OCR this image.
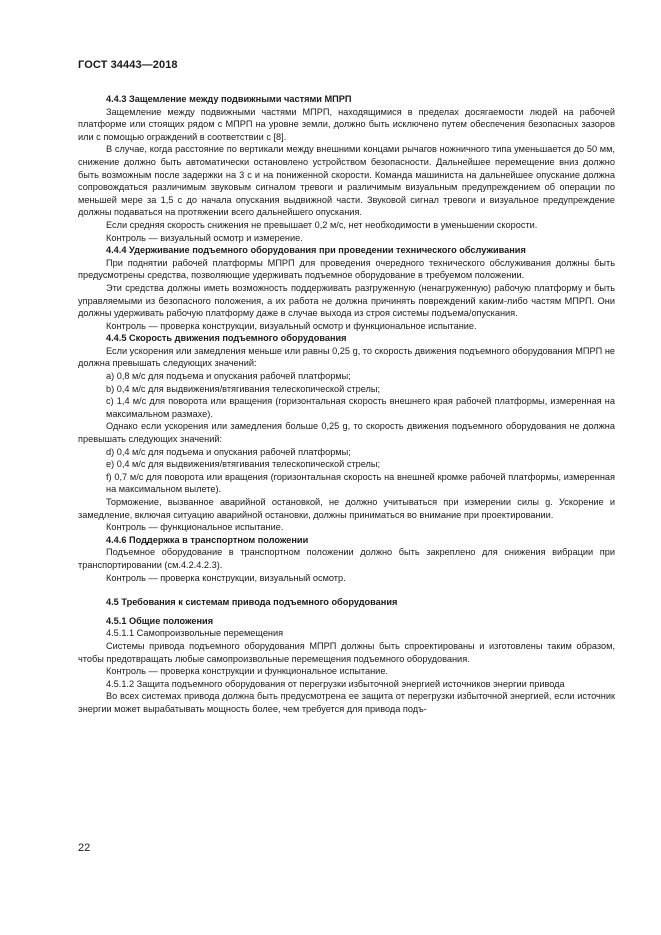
ГОСТ 34443—2018

4.4.3 Защемление между подвижными частями МПРП

Защемление между подвижными частями МПРП, находящимися в пределах досягаемости людей на рабочей платформе или стоящих рядом с МПРП на уровне земли, должно быть исключено путем обеспечения безопасных зазоров или с помощью ограждений в соответствии с [8].

В случае, когда расстояние по вертикали между внешними концами рычагов ножничного типа уменьшается до 50 мм, снижение должно быть автоматически остановлено устройством безопасности. Дальнейшее перемещение вниз должно быть возможным после задержки на 3 с и на пониженной скорости. Команда машиниста на дальнейшее опускание должна сопровождаться различимым звуковым сигналом тревоги и различимым визуальным предупреждением об операции по меньшей мере за 1,5 с до начала опускания выдвижной части. Звуковой сигнал тревоги и визуальное предупреждение должны подаваться на протяжении всего дальнейшего опускания.

Если средняя скорость снижения не превышает 0,2 м/с, нет необходимости в уменьшении скорости.

Контроль — визуальный осмотр и измерение.

4.4.4 Удерживание подъемного оборудования при проведении технического обслуживания

При поднятии рабочей платформы МПРП для проведения очередного технического обслуживания должны быть предусмотрены средства, позволяющие удерживать подъемное оборудование в требуемом положении.

Эти средства должны иметь возможность поддерживать разгруженную (ненагруженную) рабочую платформу и быть управляемыми из безопасного положения, а их работа не должна причинять повреждений каким-либо частям МПРП. Они должны удерживать рабочую платформу даже в случае выхода из строя системы подъема/опускания.

Контроль — проверка конструкции, визуальный осмотр и функциональное испытание.

4.4.5 Скорость движения подъемного оборудования

Если ускорения или замедления меньше или равны 0,25 g, то скорость движения подъемного оборудования МПРП не должна превышать следующих значений:

a) 0,8 м/с для подъема и опускания рабочей платформы;

b) 0,4 м/с для выдвижения/втягивания телескопической стрелы;

c) 1,4 м/с для поворота или вращения (горизонтальная скорость внешнего края рабочей платформы, измеренная на максимальном размахе).

Однако если ускорения или замедления больше 0,25 g, то скорость движения подъемного оборудования не должна превышать следующих значений:

d) 0,4 м/с для подъема и опускания рабочей платформы;

e) 0,4 м/с для выдвижения/втягивания телескопической стрелы;

f) 0,7 м/с для поворота или вращения (горизонтальная скорость на внешней кромке рабочей платформы, измеренная на максимальном вылете).

Торможение, вызванное аварийной остановкой, не должно учитываться при измерении силы g. Ускорение и замедление, включая ситуацию аварийной остановки, должны приниматься во внимание при проектировании.

Контроль — функциональное испытание.

4.4.6 Поддержка в транспортном положении

Подъемное оборудование в транспортном положении должно быть закреплено для снижения вибрации при транспортировании (см.4.2.4.2.3).

Контроль — проверка конструкции, визуальный осмотр.

4.5 Требования к системам привода подъемного оборудования

4.5.1 Общие положения

4.5.1.1 Самопроизвольные перемещения

Системы привода подъемного оборудования МПРП должны быть спроектированы и изготовлены таким образом, чтобы предотвращать любые самопроизвольные перемещения подъемного оборудования.

Контроль — проверка конструкции и функциональное испытание.

4.5.1.2 Защита подъемного оборудования от перегрузки избыточной энергией источников энергии привода

Во всех системах привода должна быть предусмотрена ее защита от перегрузки избыточной энергией, если источник энергии может вырабатывать мощность более, чем требуется для привода подъ-

22
